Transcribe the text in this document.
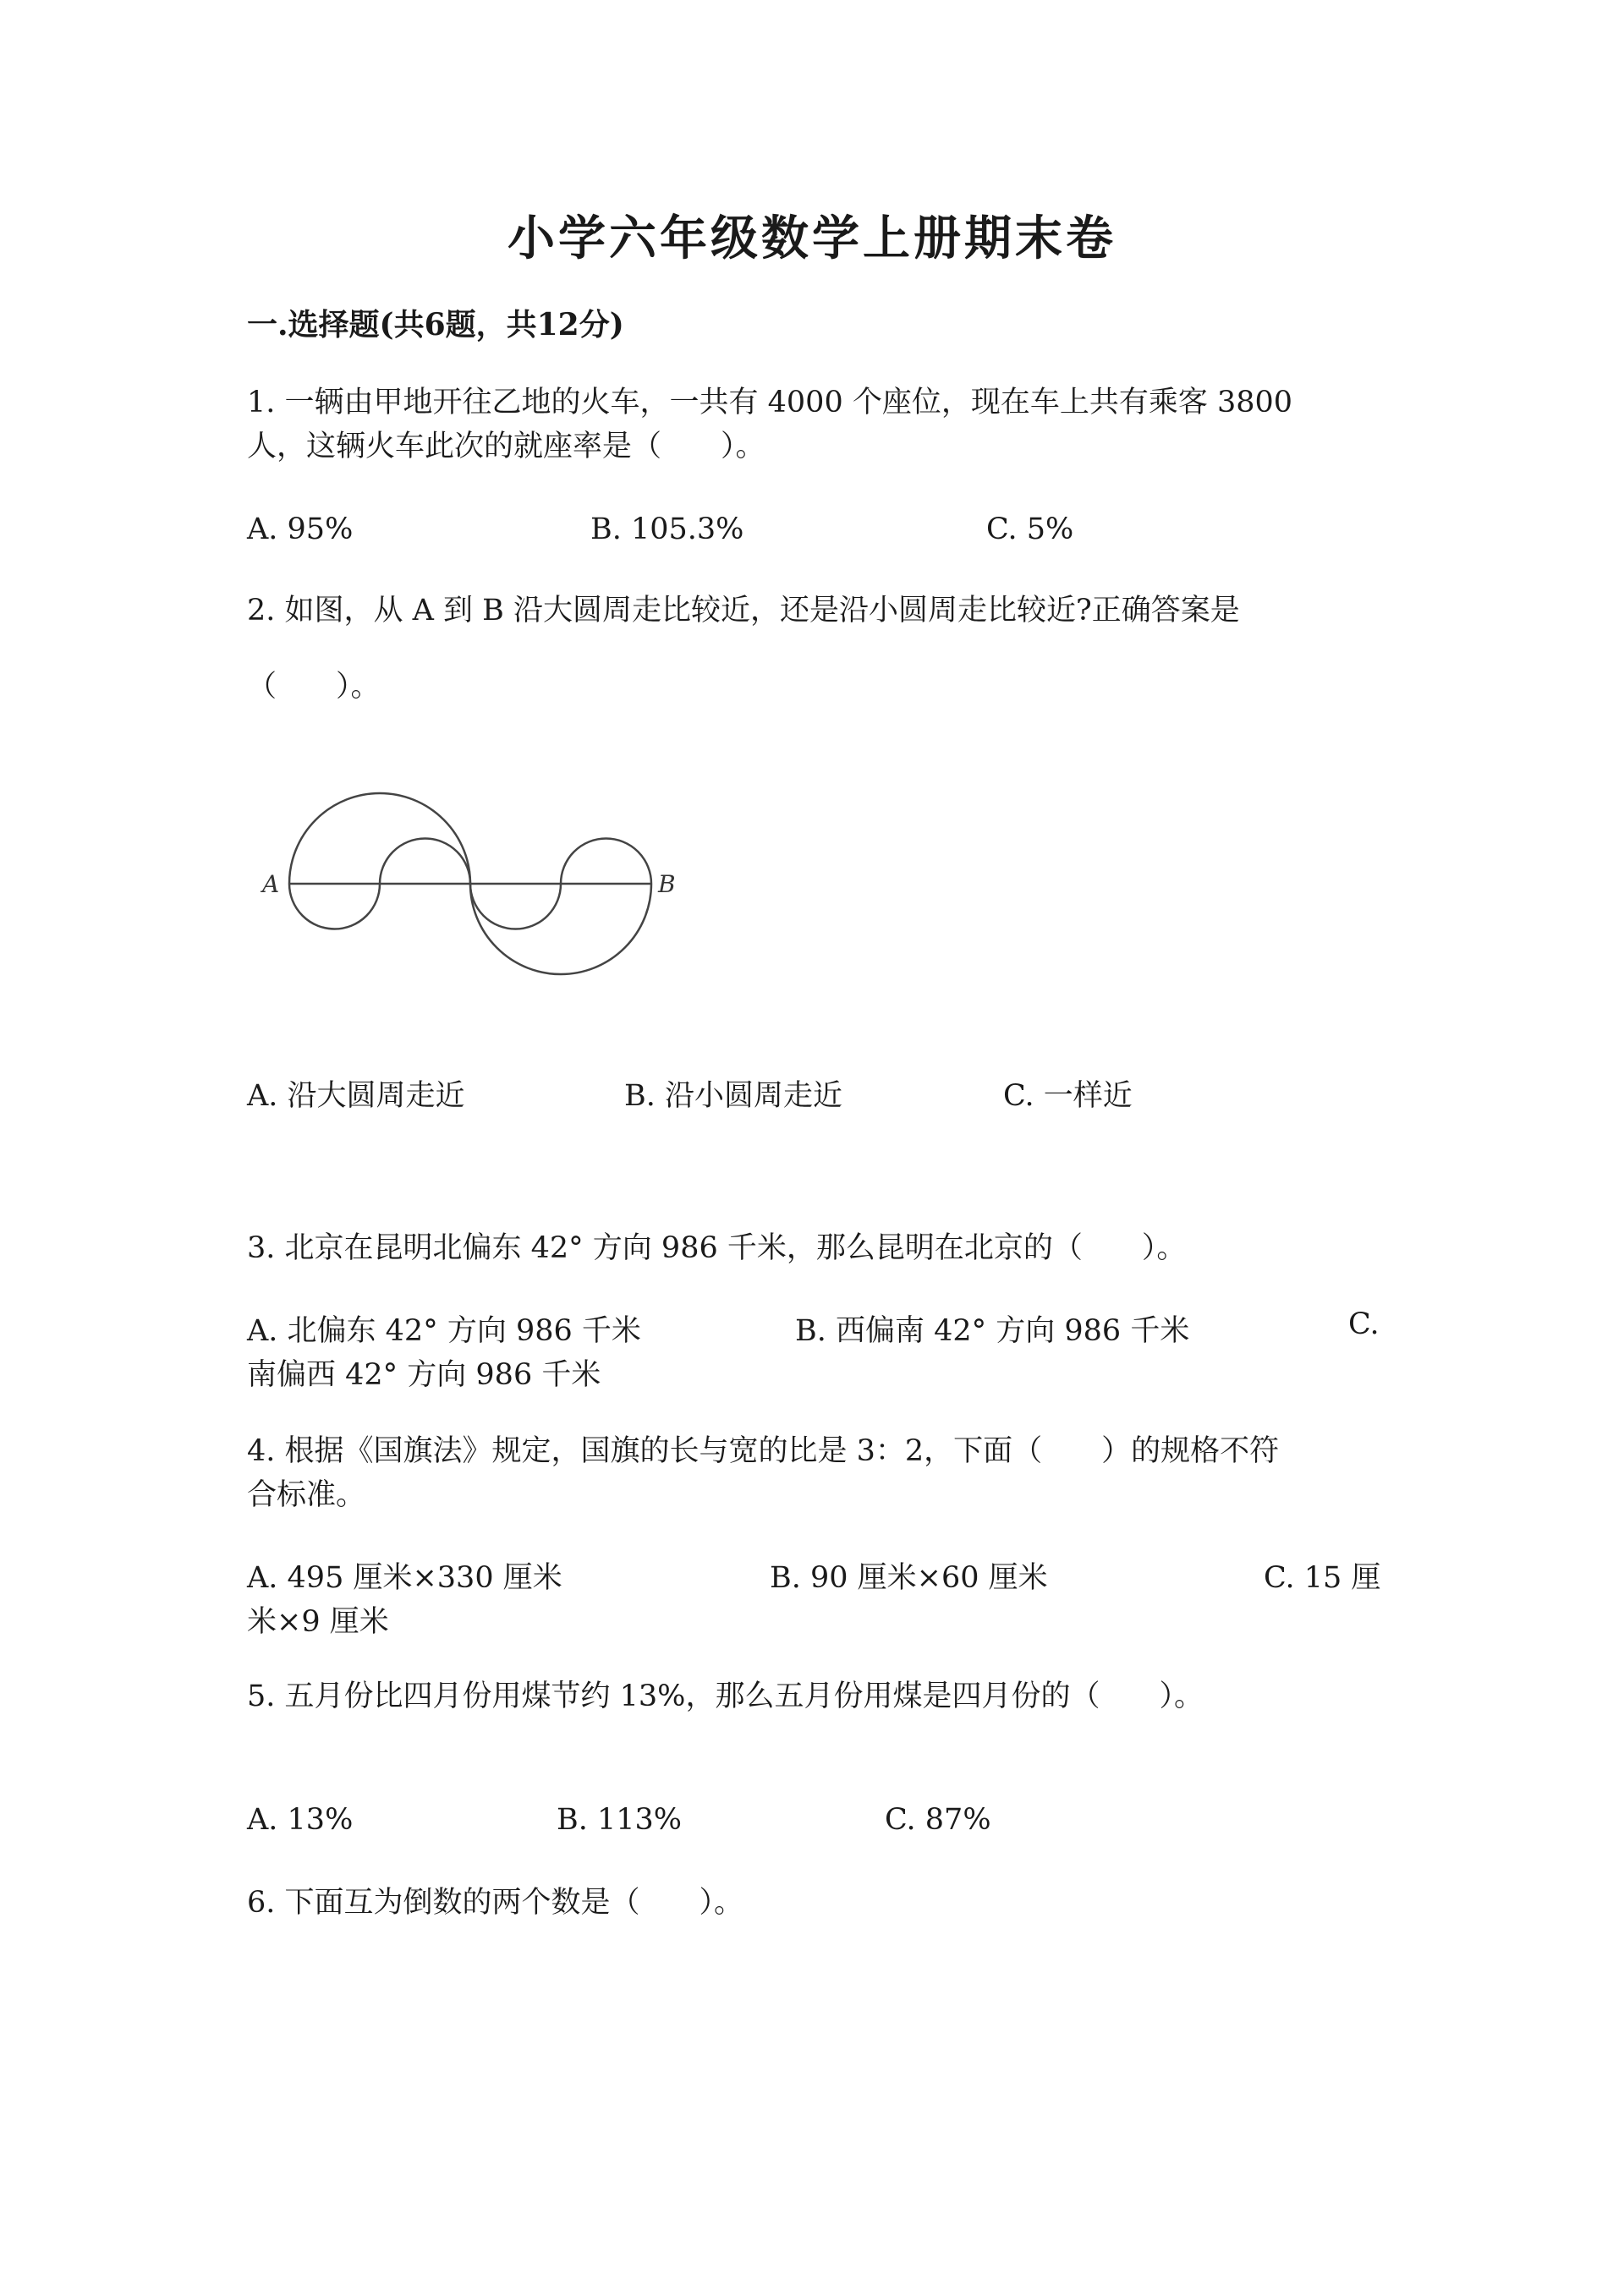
小学六年级数学上册期末卷
一.选择题(共6题，共12分)
1. 一辆由甲地开往乙地的火车，一共有 4000 个座位，现在车上共有乘客 3800
人，这辆火车此次的就座率是（　　）。
A. 95%	B. 105.3%	C. 5%
2. 如图，从 A 到 B 沿大圆周走比较近，还是沿小圆周走比较近?正确答案是
（　　）。
A	B
A. 沿大圆周走近	B. 沿小圆周走近	C. 一样近
3. 北京在昆明北偏东 42° 方向 986 千米，那么昆明在北京的（　　）。
A. 北偏东 42° 方向 986 千米	B. 西偏南 42° 方向 986 千米	C.
南偏西 42° 方向 986 千米
4. 根据《国旗法》规定，国旗的长与宽的比是 3：2，下面（　　）的规格不符
合标准。
A. 495 厘米×330 厘米	B. 90 厘米×60 厘米	C. 15 厘
米×9 厘米
5. 五月份比四月份用煤节约 13%，那么五月份用煤是四月份的（　　）。
A. 13%	B. 113%	C. 87%
6. 下面互为倒数的两个数是（　　）。
